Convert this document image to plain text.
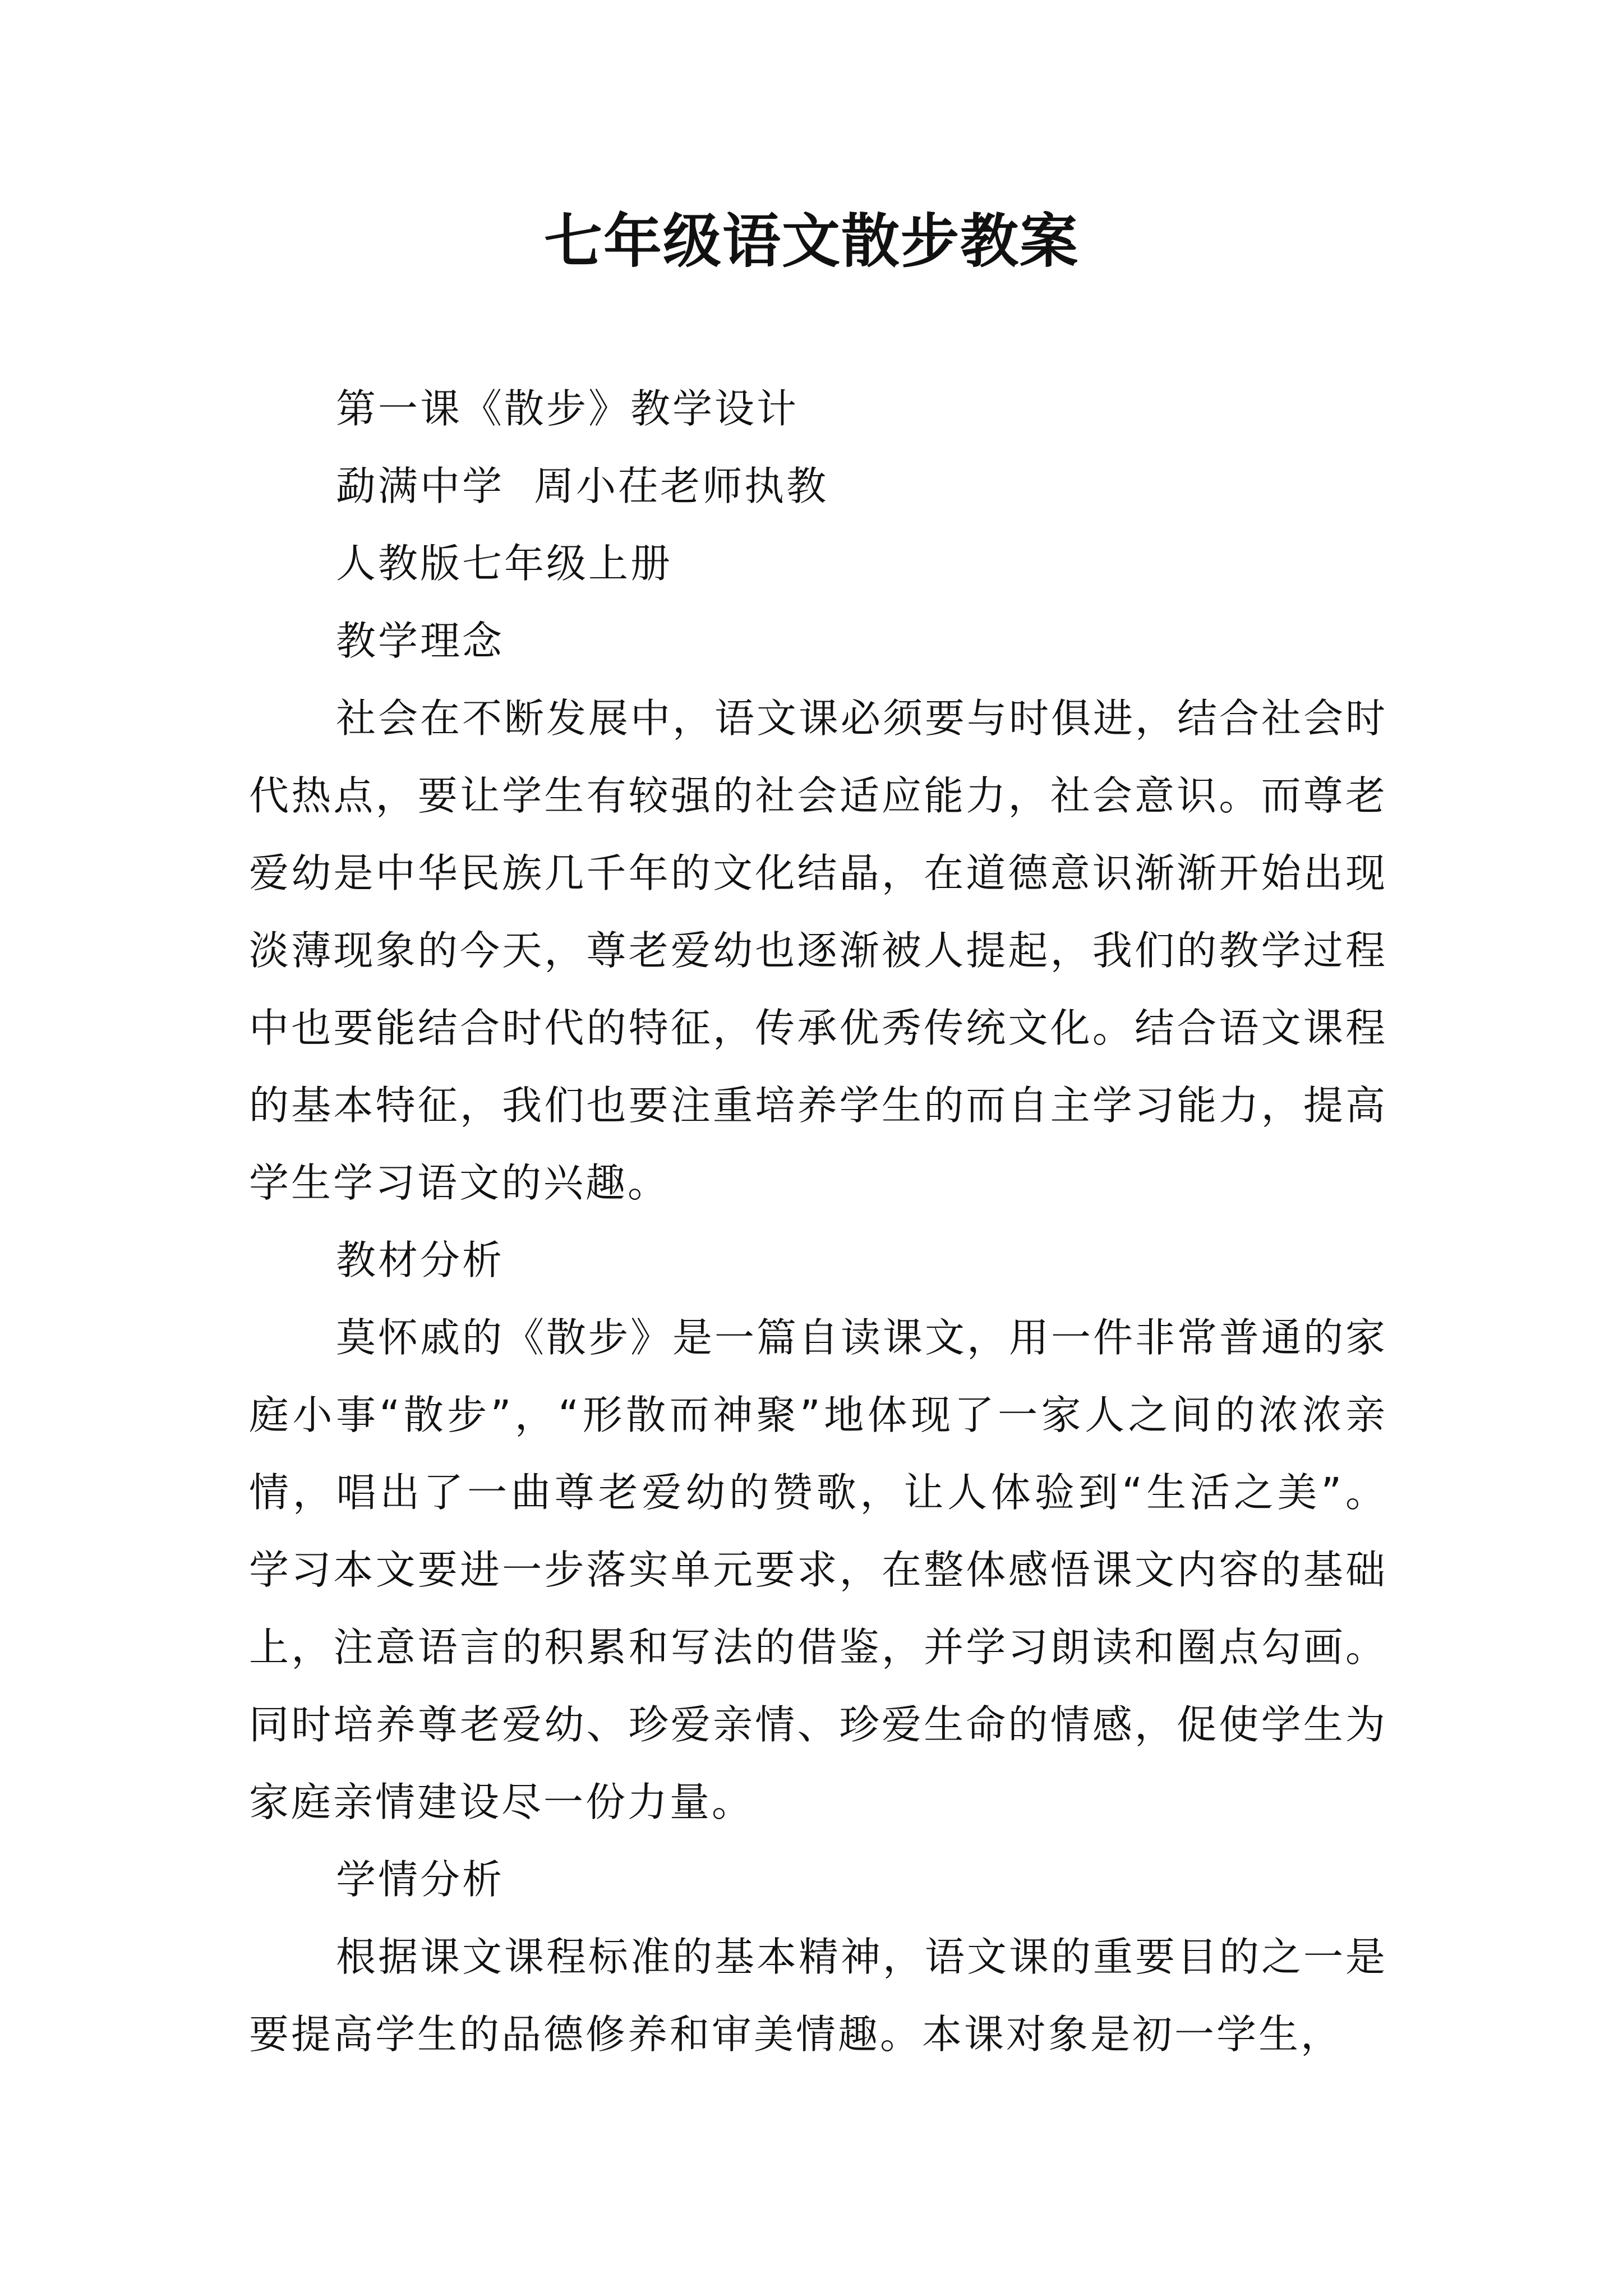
七年级语文散步教案

第一课《散步》教学设计

勐满中学  周小茌老师执教

人教版七年级上册

教学理念

社会在不断发展中，语文课必须要与时俱进，结合社会时代热点，要让学生有较强的社会适应能力，社会意识。而尊老爱幼是中华民族几千年的文化结晶，在道德意识渐渐开始出现淡薄现象的今天，尊老爱幼也逐渐被人提起，我们的教学过程中也要能结合时代的特征，传承优秀传统文化。结合语文课程的基本特征，我们也要注重培养学生的而自主学习能力，提高学生学习语文的兴趣。

教材分析

莫怀戚的《散步》是一篇自读课文，用一件非常普通的家庭小事“散步”，“形散而神聚”地体现了一家人之间的浓浓亲情，唱出了一曲尊老爱幼的赞歌，让人体验到“生活之美”。学习本文要进一步落实单元要求，在整体感悟课文内容的基础上，注意语言的积累和写法的借鉴，并学习朗读和圈点勾画。同时培养尊老爱幼、珍爱亲情、珍爱生命的情感，促使学生为家庭亲情建设尽一份力量。

学情分析

根据课文课程标准的基本精神，语文课的重要目的之一是要提高学生的品德修养和审美情趣。本课对象是初一学生，
